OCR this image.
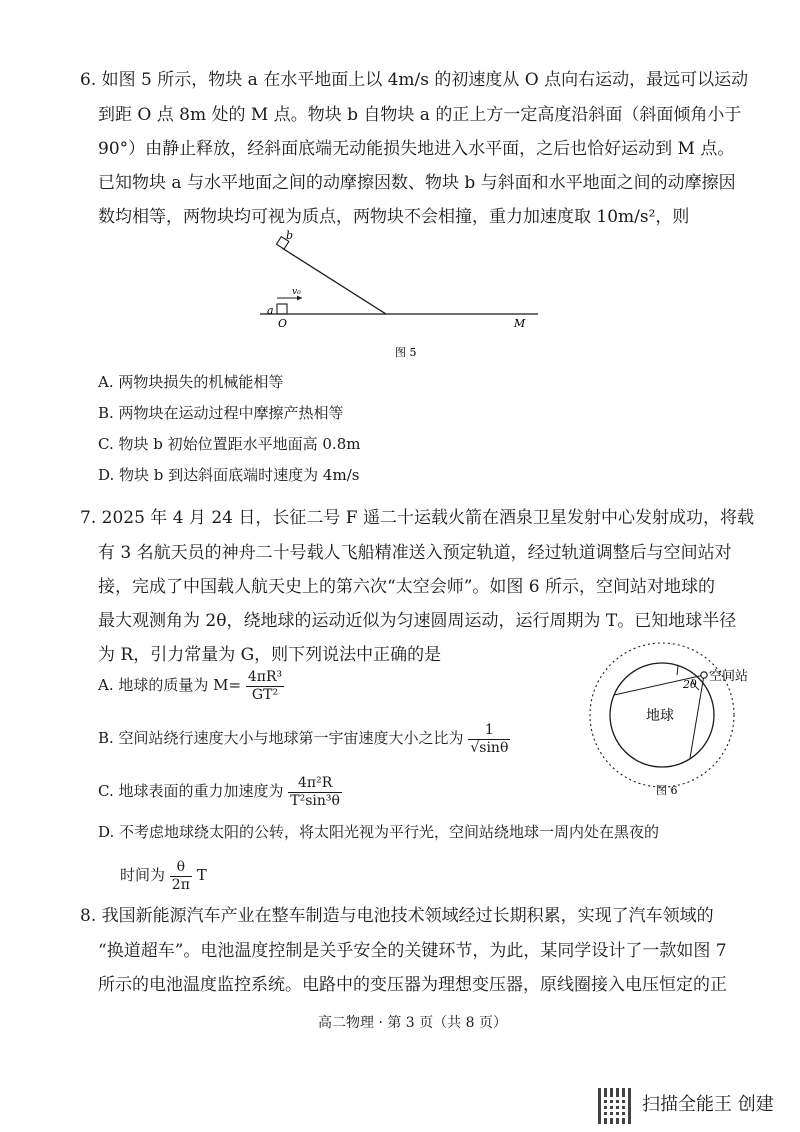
6. 如图 5 所示，物块 a 在水平地面上以 4m/s 的初速度从 O 点向右运动，最远可以运动
到距 O 点 8m 处的 M 点。物块 b 自物块 a 的正上方一定高度沿斜面（斜面倾角小于
90°）由静止释放，经斜面底端无动能损失地进入水平面，之后也恰好运动到 M 点。
已知物块 a 与水平地面之间的动摩擦因数、物块 b 与斜面和水平地面之间的动摩擦因
数均相等，两物块均可视为质点，两物块不会相撞，重力加速度取 10m/s²，则
b
a
v₀
O	M
图 5
A. 两物块损失的机械能相等
B. 两物块在运动过程中摩擦产热相等
C. 物块 b 初始位置距水平地面高 0.8m
D. 物块 b 到达斜面底端时速度为 4m/s
7. 2025 年 4 月 24 日，长征二号 F 遥二十运载火箭在酒泉卫星发射中心发射成功，将载
有 3 名航天员的神舟二十号载人飞船精准送入预定轨道，经过轨道调整后与空间站对
接，完成了中国载人航天史上的第六次“太空会师”。如图 6 所示，空间站对地球的
最大观测角为 2θ，绕地球的运动近似为匀速圆周运动，运行周期为 T。已知地球半径
为 R，引力常量为 G，则下列说法中正确的是
A. 地球的质量为 $M= \frac{\text{4πR³}}{\text{GT²}}$
B. 空间站绕行速度大小与地球第一宇宙速度大小之比为 $\frac{1}{√\sin\theta}$
C. 地球表面的重力加速度为 $\frac{\text{4π²R}}{\text{T²sin³θ}}$
D. 不考虑地球绕太阳的公转，将太阳光视为平行光，空间站绕地球一周内处在黑夜的
时间为 $\frac{\theta}{2\pi}$ T
空间站
2θ
地球
图 6
8. 我国新能源汽车产业在整车制造与电池技术领域经过长期积累，实现了汽车领域的
“换道超车”。电池温度控制是关乎安全的关键环节，为此，某同学设计了一款如图 7
所示的电池温度监控系统。电路中的变压器为理想变压器，原线圈接入电压恒定的正
高二物理 · 第 3 页（共 8 页）
扫描全能王 创建
